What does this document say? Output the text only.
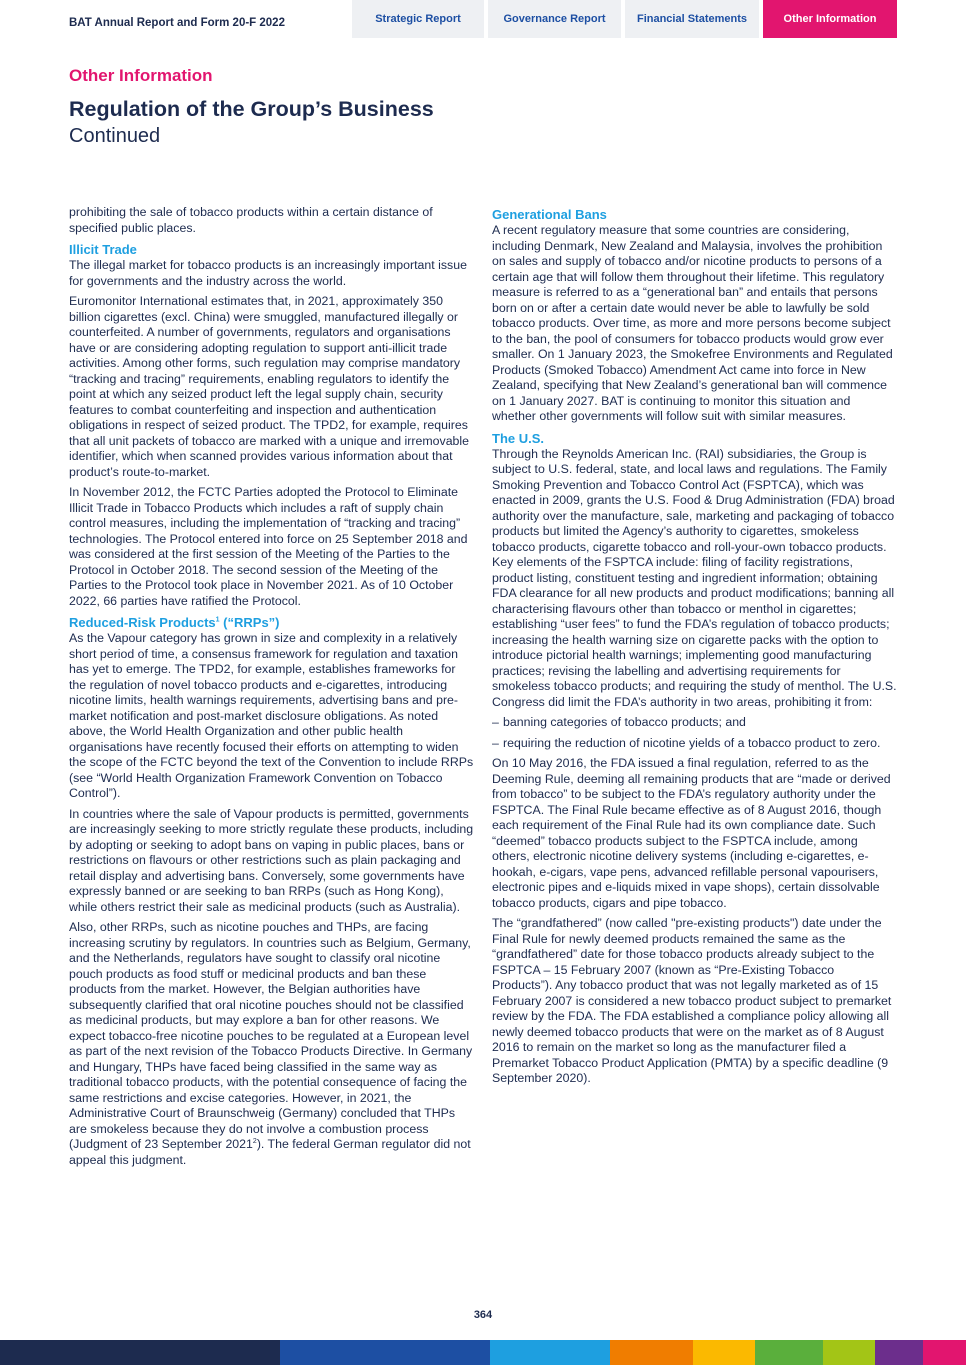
BAT Annual Report and Form 20-F 2022	Strategic Report	Governance Report	Financial Statements	Other Information
Other Information
Regulation of the Group’s Business
Continued

prohibiting the sale of tobacco products within a certain distance of specified public places.

Illicit Trade

The illegal market for tobacco products is an increasingly important issue for governments and the industry across the world.

Euromonitor International estimates that, in 2021, approximately 350 billion cigarettes (excl. China) were smuggled, manufactured illegally or counterfeited. A number of governments, regulators and organisations have or are considering adopting regulation to support anti-illicit trade activities. Among other forms, such regulation may comprise mandatory “tracking and tracing” requirements, enabling regulators to identify the point at which any seized product left the legal supply chain, security features to combat counterfeiting and inspection and authentication obligations in respect of seized product. The TPD2, for example, requires that all unit packets of tobacco are marked with a unique and irremovable identifier, which when scanned provides various information about that product’s route-to-market.

In November 2012, the FCTC Parties adopted the Protocol to Eliminate Illicit Trade in Tobacco Products which includes a raft of supply chain control measures, including the implementation of “tracking and tracing” technologies. The Protocol entered into force on 25 September 2018 and was considered at the first session of the Meeting of the Parties to the Protocol in October 2018. The second session of the Meeting of the Parties to the Protocol took place in November 2021. As of 10 October 2022, 66 parties have ratified the Protocol.

Reduced-Risk Products$^1$ (“RRPs”)

As the Vapour category has grown in size and complexity in a relatively short period of time, a consensus framework for regulation and taxation has yet to emerge. The TPD2, for example, establishes frameworks for the regulation of novel tobacco products and e-cigarettes, introducing nicotine limits, health warnings requirements, advertising bans and pre-market notification and post-market disclosure obligations. As noted above, the World Health Organization and other public health organisations have recently focused their efforts on attempting to widen the scope of the FCTC beyond the text of the Convention to include RRPs (see “World Health Organization Framework Convention on Tobacco Control”).

In countries where the sale of Vapour products is permitted, governments are increasingly seeking to more strictly regulate these products, including by adopting or seeking to adopt bans on vaping in public places, bans or restrictions on flavours or other restrictions such as plain packaging and retail display and advertising bans. Conversely, some governments have expressly banned or are seeking to ban RRPs (such as Hong Kong), while others restrict their sale as medicinal products (such as Australia).

Also, other RRPs, such as nicotine pouches and THPs, are facing increasing scrutiny by regulators. In countries such as Belgium, Germany, and the Netherlands, regulators have sought to classify oral nicotine pouch products as food stuff or medicinal products and ban these products from the market. However, the Belgian authorities have subsequently clarified that oral nicotine pouches should not be classified as medicinal products, but may explore a ban for other reasons. We expect tobacco-free nicotine pouches to be regulated at a European level as part of the next revision of the Tobacco Products Directive. In Germany and Hungary, THPs have faced being classified in the same way as traditional tobacco products, with the potential consequence of facing the same restrictions and excise categories. However, in 2021, the Administrative Court of Braunschweig (Germany) concluded that THPs are smokeless because they do not involve a combustion process (Judgment of 23 September 2021$^2$). The federal German regulator did not appeal this judgment.

Generational Bans

A recent regulatory measure that some countries are considering, including Denmark, New Zealand and Malaysia, involves the prohibition on sales and supply of tobacco and/or nicotine products to persons of a certain age that will follow them throughout their lifetime. This regulatory measure is referred to as a “generational ban” and entails that persons born on or after a certain date would never be able to lawfully be sold tobacco products. Over time, as more and more persons become subject to the ban, the pool of consumers for tobacco products would grow ever smaller. On 1 January 2023, the Smokefree Environments and Regulated Products (Smoked Tobacco) Amendment Act came into force in New Zealand, specifying that New Zealand’s generational ban will commence on 1 January 2027. BAT is continuing to monitor this situation and whether other governments will follow suit with similar measures.

The U.S.

Through the Reynolds American Inc. (RAI) subsidiaries, the Group is subject to U.S. federal, state, and local laws and regulations. The Family Smoking Prevention and Tobacco Control Act (FSPTCA), which was enacted in 2009, grants the U.S. Food & Drug Administration (FDA) broad authority over the manufacture, sale, marketing and packaging of tobacco products but limited the Agency’s authority to cigarettes, smokeless tobacco products, cigarette tobacco and roll-your-own tobacco products. Key elements of the FSPTCA include: filing of facility registrations, product listing, constituent testing and ingredient information; obtaining FDA clearance for all new products and product modifications; banning all characterising flavours other than tobacco or menthol in cigarettes; establishing “user fees” to fund the FDA’s regulation of tobacco products; increasing the health warning size on cigarette packs with the option to introduce pictorial health warnings; implementing good manufacturing practices; revising the labelling and advertising requirements for smokeless tobacco products; and requiring the study of menthol. The U.S. Congress did limit the FDA’s authority in two areas, prohibiting it from:

– banning categories of tobacco products; and
– requiring the reduction of nicotine yields of a tobacco product to zero.

On 10 May 2016, the FDA issued a final regulation, referred to as the Deeming Rule, deeming all remaining products that are “made or derived from tobacco” to be subject to the FDA’s regulatory authority under the FSPTCA. The Final Rule became effective as of 8 August 2016, though each requirement of the Final Rule had its own compliance date. Such “deemed” tobacco products subject to the FSPTCA include, among others, electronic nicotine delivery systems (including e-cigarettes, e-hookah, e-cigars, vape pens, advanced refillable personal vapourisers, electronic pipes and e-liquids mixed in vape shops), certain dissolvable tobacco products, cigars and pipe tobacco.

The “grandfathered” (now called "pre-existing products") date under the Final Rule for newly deemed products remained the same as the “grandfathered” date for those tobacco products already subject to the FSPTCA – 15 February 2007 (known as “Pre-Existing Tobacco Products”). Any tobacco product that was not legally marketed as of 15 February 2007 is considered a new tobacco product subject to premarket review by the FDA. The FDA established a compliance policy allowing all newly deemed tobacco products that were on the market as of 8 August 2016 to remain on the market so long as the manufacturer filed a Premarket Tobacco Product Application (PMTA) by a specific deadline (9 September 2020).

364
